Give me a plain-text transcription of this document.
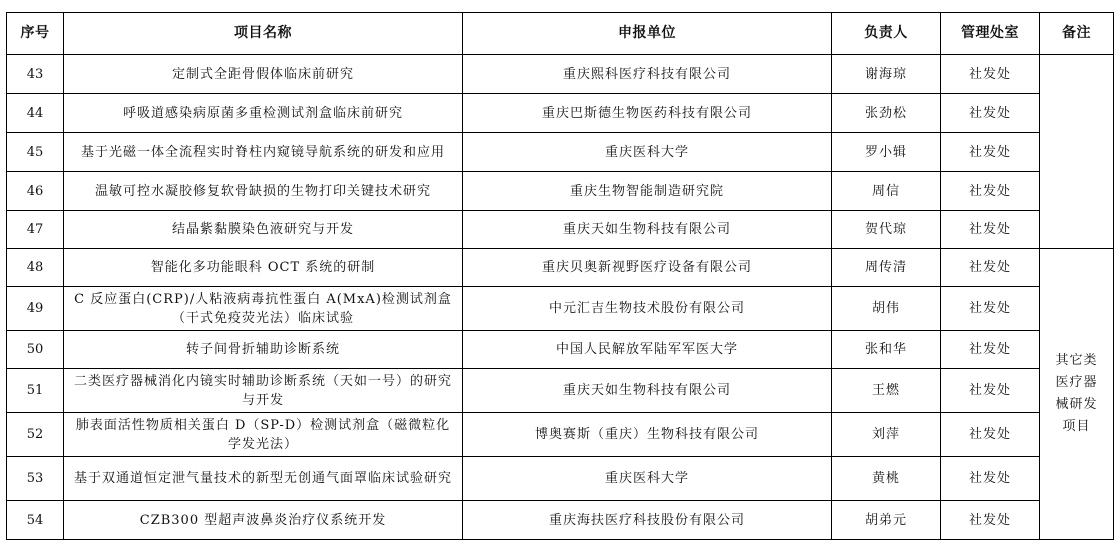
序号	项目名称	申报单位	负责人	管理处室	备注
43	定制式全距骨假体临床前研究	重庆熙科医疗科技有限公司	谢海琼	社发处	
44	呼吸道感染病原菌多重检测试剂盒临床前研究	重庆巴斯德生物医药科技有限公司	张劲松	社发处	
45	基于光磁一体全流程实时脊柱内窥镜导航系统的研发和应用	重庆医科大学	罗小辑	社发处	
46	温敏可控水凝胶修复软骨缺损的生物打印关键技术研究	重庆生物智能制造研究院	周信	社发处	
47	结晶紫黏膜染色液研究与开发	重庆天如生物科技有限公司	贺代琼	社发处	
48	智能化多功能眼科 OCT 系统的研制	重庆贝奥新视野医疗设备有限公司	周传清	社发处	其它类医疗器械研发项目
49	C 反应蛋白(CRP)/人粘液病毒抗性蛋白 A(MxA)检测试剂盒（干式免疫荧光法）临床试验	中元汇吉生物技术股份有限公司	胡伟	社发处	
50	转子间骨折辅助诊断系统	中国人民解放军陆军军医大学	张和华	社发处	
51	二类医疗器械消化内镜实时辅助诊断系统（天如一号）的研究与开发	重庆天如生物科技有限公司	王燃	社发处	
52	肺表面活性物质相关蛋白 D（SP-D）检测试剂盒（磁微粒化学发光法）	博奥赛斯（重庆）生物科技有限公司	刘萍	社发处	
53	基于双通道恒定泄气量技术的新型无创通气面罩临床试验研究	重庆医科大学	黄桃	社发处	
54	CZB300 型超声波鼻炎治疗仪系统开发	重庆海扶医疗科技股份有限公司	胡弟元	社发处	
